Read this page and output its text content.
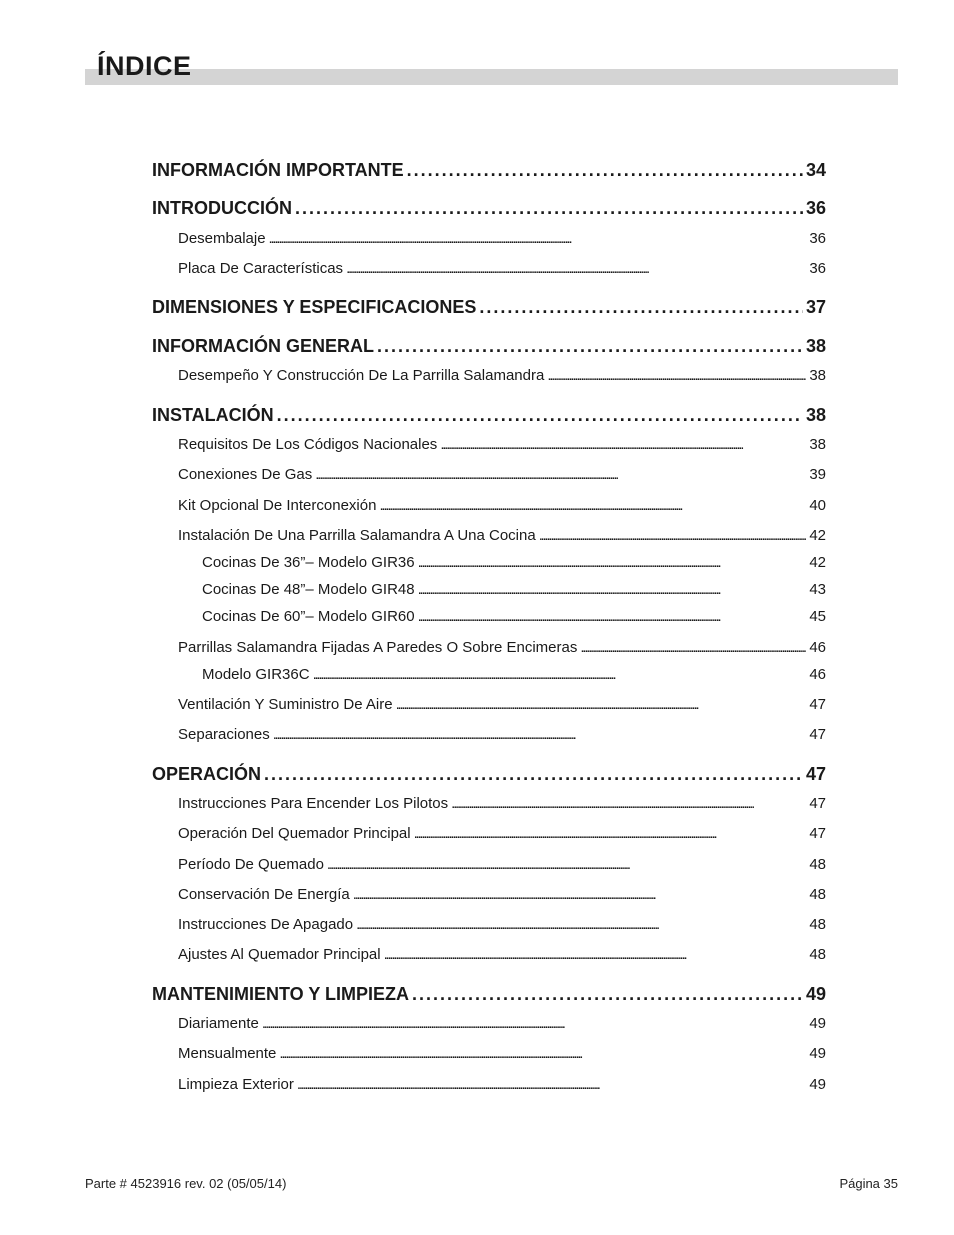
ÍNDICE
INFORMACIÓN IMPORTANTE . . .	34
INTRODUCCIÓN . . .	36
Desembalaje . . .	36
Placa De Características . . .	36
DIMENSIONES Y ESPECIFICACIONES . . .	37
INFORMACIÓN GENERAL . . .	38
Desempeño Y Construcción De La Parrilla Salamandra . . .	38
INSTALACIÓN . . .	38
Requisitos De Los Códigos Nacionales . . .	38
Conexiones De Gas . . .	39
Kit Opcional De Interconexión . . .	40
Instalación De Una Parrilla Salamandra A Una Cocina . . .	42
Cocinas De 36”– Modelo GIR36 . . .	42
Cocinas De 48”– Modelo GIR48 . . .	43
Cocinas De 60”– Modelo GIR60 . . .	45
Parrillas Salamandra Fijadas A Paredes O Sobre Encimeras . . .	46
Modelo GIR36C . . .	46
Ventilación Y Suministro De Aire . . .	47
Separaciones . . .	47
OPERACIÓN . . .	47
Instrucciones Para Encender Los Pilotos . . .	47
Operación Del Quemador Principal . . .	47
Período De Quemado . . .	48
Conservación De Energía . . .	48
Instrucciones De Apagado . . .	48
Ajustes Al Quemador Principal . . .	48
MANTENIMIENTO Y LIMPIEZA . . .	49
Diariamente . . .	49
Mensualmente . . .	49
Limpieza Exterior . . .	49
Parte # 4523916 rev. 02 (05/05/14)	Página 35
